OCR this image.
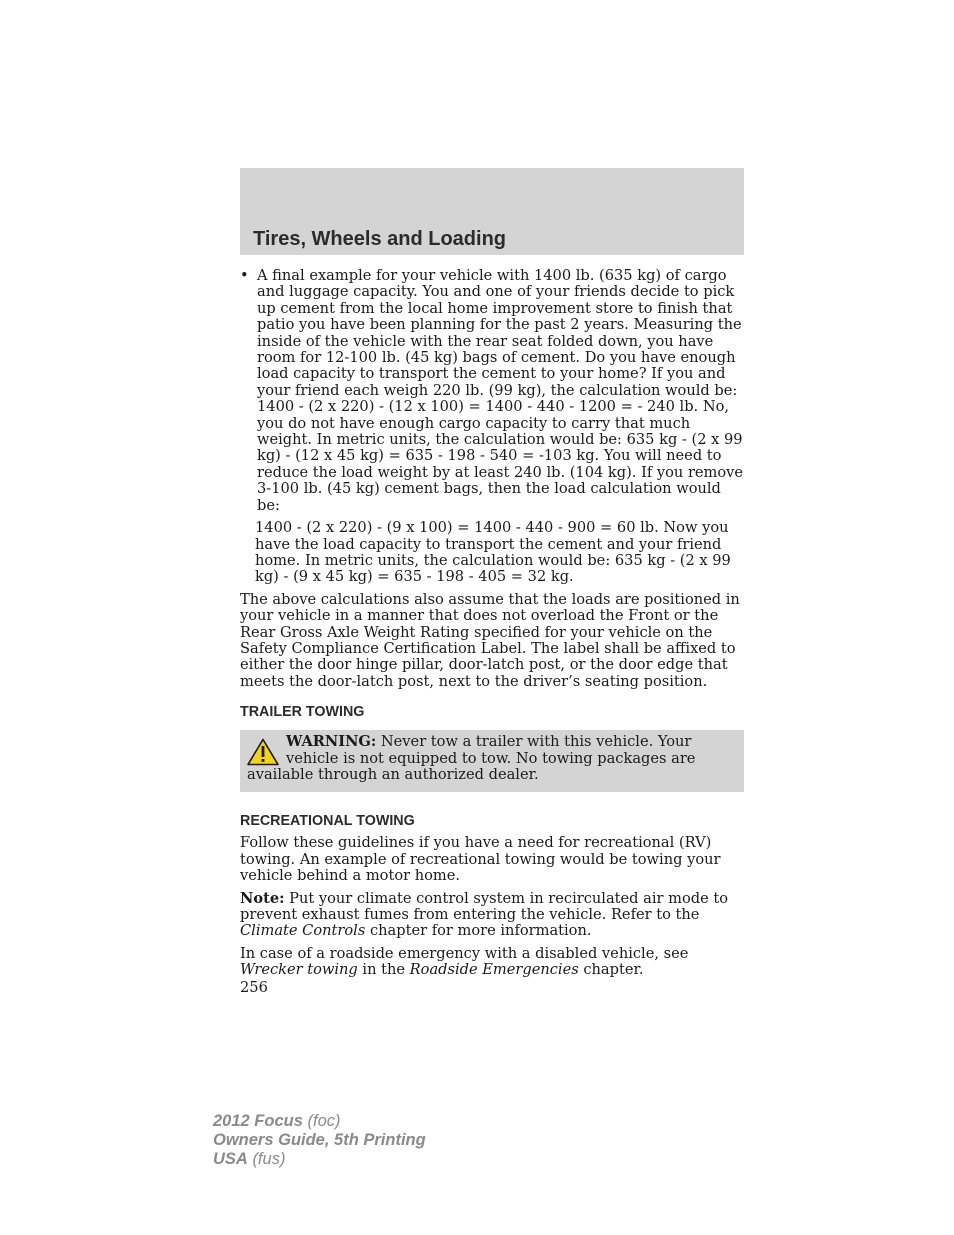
Tires, Wheels and Loading

• A final example for your vehicle with 1400 lb. (635 kg) of cargo and luggage capacity. You and one of your friends decide to pick up cement from the local home improvement store to finish that patio you have been planning for the past 2 years. Measuring the inside of the vehicle with the rear seat folded down, you have room for 12-100 lb. (45 kg) bags of cement. Do you have enough load capacity to transport the cement to your home? If you and your friend each weigh 220 lb. (99 kg), the calculation would be: 1400 - (2 x 220) - (12 x 100) = 1400 - 440 - 1200 = - 240 lb. No, you do not have enough cargo capacity to carry that much weight. In metric units, the calculation would be: 635 kg - (2 x 99 kg) - (12 x 45 kg) = 635 - 198 - 540 = -103 kg. You will need to reduce the load weight by at least 240 lb. (104 kg). If you remove 3-100 lb. (45 kg) cement bags, then the load calculation would be:

1400 - (2 x 220) - (9 x 100) = 1400 - 440 - 900 = 60 lb. Now you have the load capacity to transport the cement and your friend home. In metric units, the calculation would be: 635 kg - (2 x 99 kg) - (9 x 45 kg) = 635 - 198 - 405 = 32 kg.

The above calculations also assume that the loads are positioned in your vehicle in a manner that does not overload the Front or the Rear Gross Axle Weight Rating specified for your vehicle on the Safety Compliance Certification Label. The label shall be affixed to either the door hinge pillar, door-latch post, or the door edge that meets the door-latch post, next to the driver’s seating position.

TRAILER TOWING
WARNING: Never tow a trailer with this vehicle. Your vehicle is not equipped to tow. No towing packages are available through an authorized dealer.
RECREATIONAL TOWING

Follow these guidelines if you have a need for recreational (RV) towing. An example of recreational towing would be towing your vehicle behind a motor home.

Note: Put your climate control system in recirculated air mode to prevent exhaust fumes from entering the vehicle. Refer to the Climate Controls chapter for more information.

In case of a roadside emergency with a disabled vehicle, see Wrecker towing in the Roadside Emergencies chapter.

256
2012 Focus (foc)
Owners Guide, 5th Printing
USA (fus)
